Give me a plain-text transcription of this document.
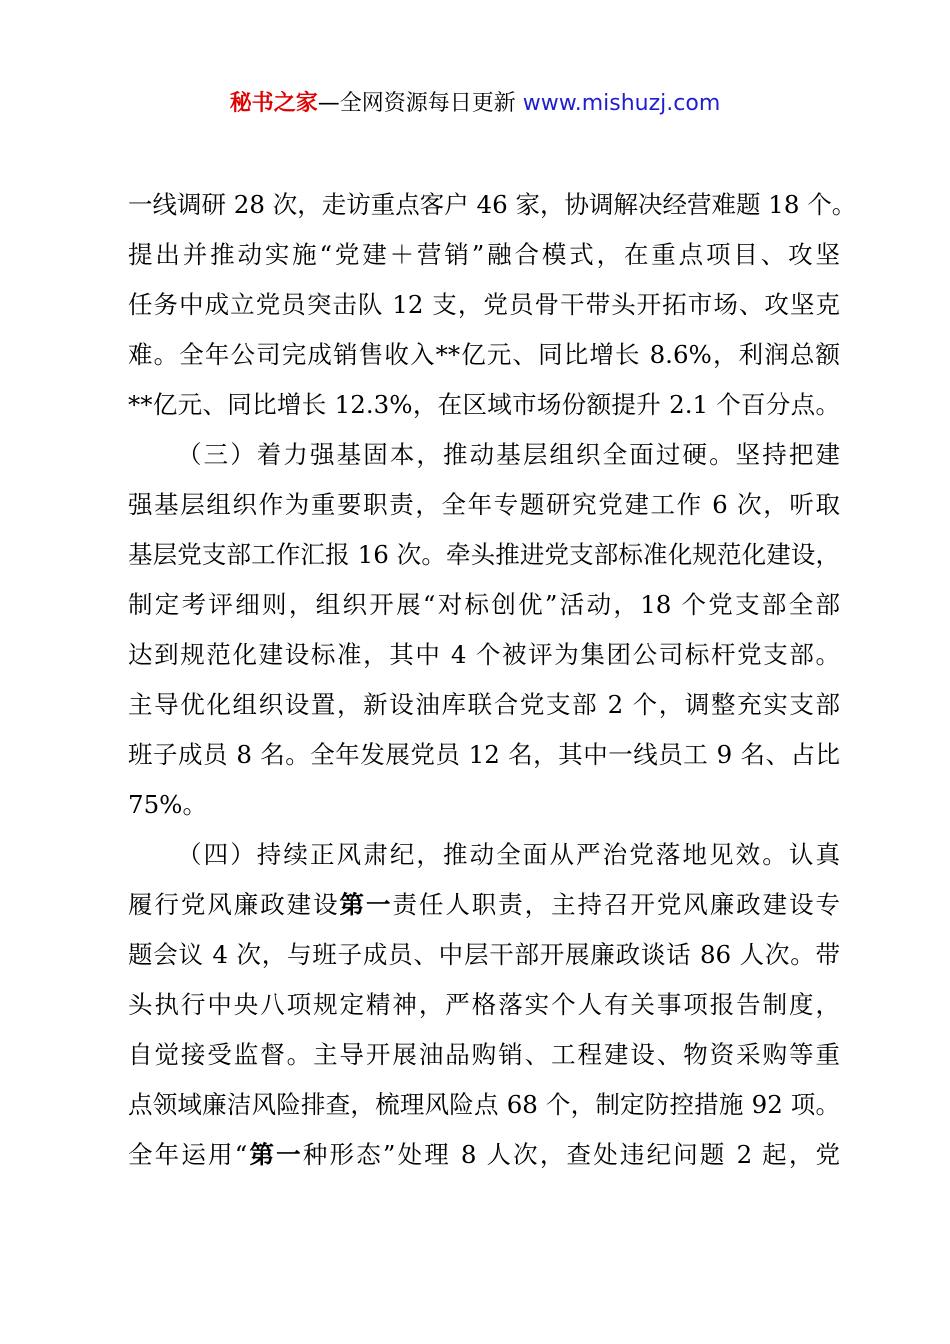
秘书之家—全网资源每日更新 www.mishuzj.com
一线调研 28 次，走访重点客户 46 家，协调解决经营难题 18 个。
提出并推动实施“党建＋营销”融合模式，在重点项目、攻坚
任务中成立党员突击队 12 支，党员骨干带头开拓市场、攻坚克
难。全年公司完成销售收入**亿元、同比增长 8.6%，利润总额
**亿元、同比增长 12.3%，在区域市场份额提升 2.1 个百分点。
（三）着力强基固本，推动基层组织全面过硬。坚持把建
强基层组织作为重要职责，全年专题研究党建工作 6 次，听取
基层党支部工作汇报 16 次。牵头推进党支部标准化规范化建设，
制定考评细则，组织开展“对标创优”活动，18 个党支部全部
达到规范化建设标准，其中 4 个被评为集团公司标杆党支部。
主导优化组织设置，新设油库联合党支部 2 个，调整充实支部
班子成员 8 名。全年发展党员 12 名，其中一线员工 9 名、占比
75%。
（四）持续正风肃纪，推动全面从严治党落地见效。认真
履行党风廉政建设第一责任人职责，主持召开党风廉政建设专
题会议 4 次，与班子成员、中层干部开展廉政谈话 86 人次。带
头执行中央八项规定精神，严格落实个人有关事项报告制度，
自觉接受监督。主导开展油品购销、工程建设、物资采购等重
点领域廉洁风险排查，梳理风险点 68 个，制定防控措施 92 项。
全年运用“第一种形态”处理 8 人次，查处违纪问题 2 起，党
